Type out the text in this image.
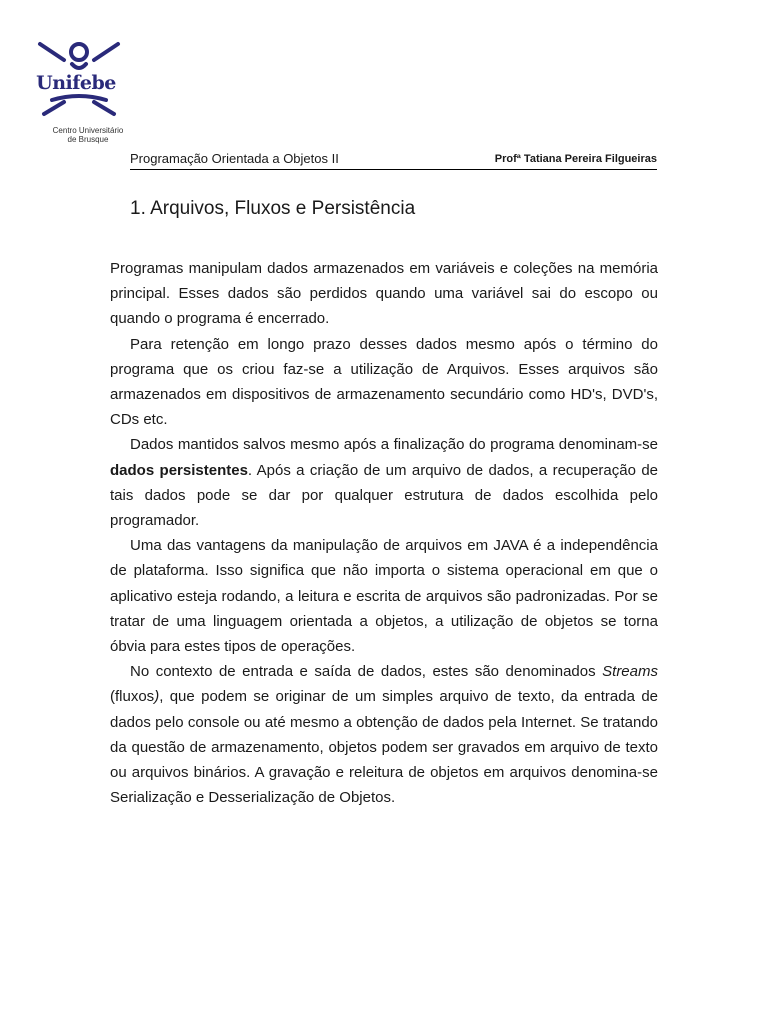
Unifebe
Centro Universitário
de Brusque
Programação Orientada a Objetos II	Profª Tatiana Pereira Filgueiras
1. Arquivos, Fluxos e Persistência

Programas manipulam dados armazenados em variáveis e coleções na memória principal. Esses dados são perdidos quando uma variável sai do escopo ou quando o programa é encerrado.

Para retenção em longo prazo desses dados mesmo após o término do programa que os criou faz-se a utilização de Arquivos. Esses arquivos são armazenados em dispositivos de armazenamento secundário como HD's, DVD's, CDs etc.

Dados mantidos salvos mesmo após a finalização do programa denominam-se dados persistentes. Após a criação de um arquivo de dados, a recuperação de tais dados pode se dar por qualquer estrutura de dados escolhida pelo programador.

Uma das vantagens da manipulação de arquivos em JAVA é a independência de plataforma. Isso significa que não importa o sistema operacional em que o aplicativo esteja rodando, a leitura e escrita de arquivos são padronizadas. Por se tratar de uma linguagem orientada a objetos, a utilização de objetos se torna óbvia para estes tipos de operações.

No contexto de entrada e saída de dados, estes são denominados Streams (fluxos), que podem se originar de um simples arquivo de texto, da entrada de dados pelo console ou até mesmo a obtenção de dados pela Internet. Se tratando da questão de armazenamento, objetos podem ser gravados em arquivo de texto ou arquivos binários. A gravação e releitura de objetos em arquivos denomina-se Serialização e Desserialização de Objetos.
